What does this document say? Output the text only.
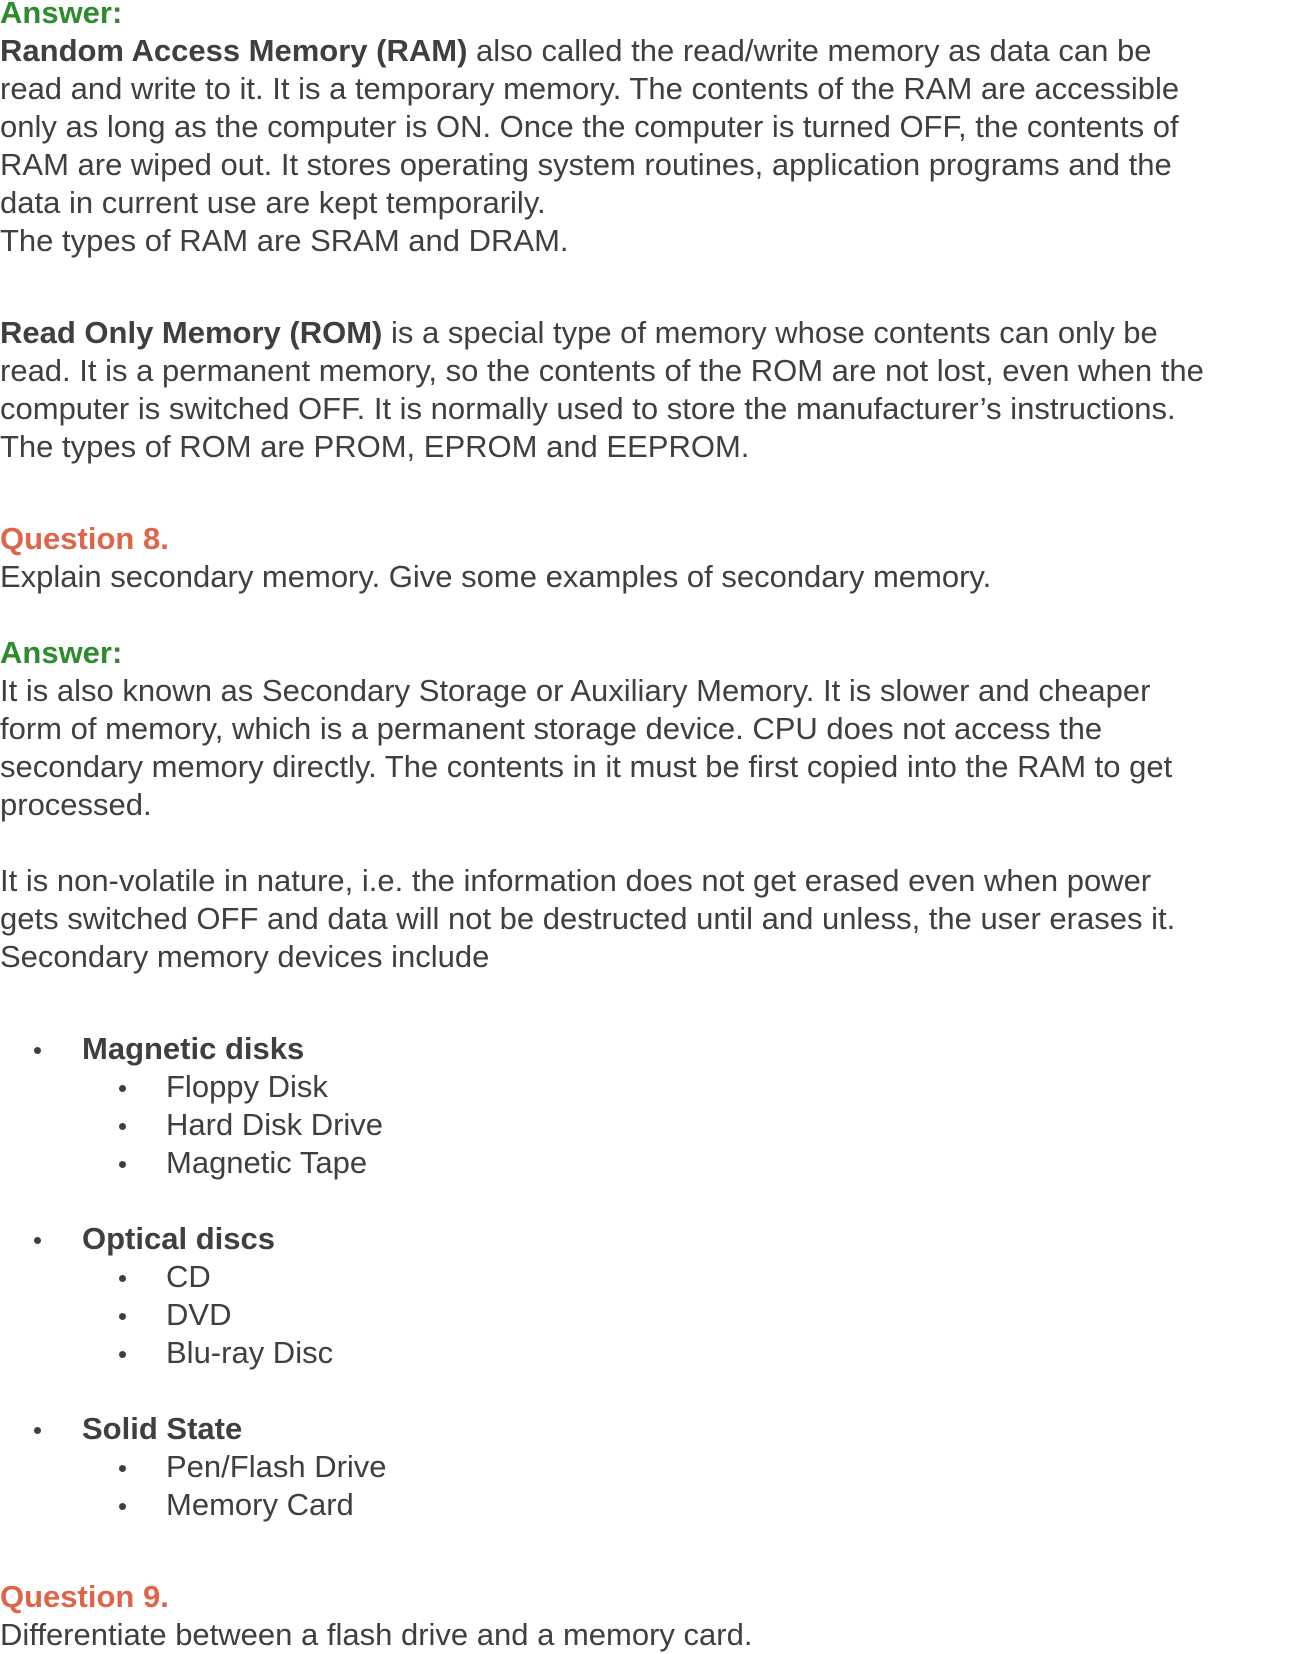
Answer:
Random Access Memory (RAM) also called the read/write memory as data can be
read and write to it. It is a temporary memory. The contents of the RAM are accessible
only as long as the computer is ON. Once the computer is turned OFF, the contents of
RAM are wiped out. It stores operating system routines, application programs and the
data in current use are kept temporarily.
The types of RAM are SRAM and DRAM.
Read Only Memory (ROM) is a special type of memory whose contents can only be
read. It is a permanent memory, so the contents of the ROM are not lost, even when the
computer is switched OFF. It is normally used to store the manufacturer’s instructions.
The types of ROM are PROM, EPROM and EEPROM.
Question 8.
Explain secondary memory. Give some examples of secondary memory.
Answer:
It is also known as Secondary Storage or Auxiliary Memory. It is slower and cheaper
form of memory, which is a permanent storage device. CPU does not access the
secondary memory directly. The contents in it must be first copied into the RAM to get
processed.
It is non-volatile in nature, i.e. the information does not get erased even when power
gets switched OFF and data will not be destructed until and unless, the user erases it.
Secondary memory devices include
Magnetic disks
Floppy Disk
Hard Disk Drive
Magnetic Tape
Optical discs
CD
DVD
Blu-ray Disc
Solid State
Pen/Flash Drive
Memory Card
Question 9.
Differentiate between a flash drive and a memory card.
